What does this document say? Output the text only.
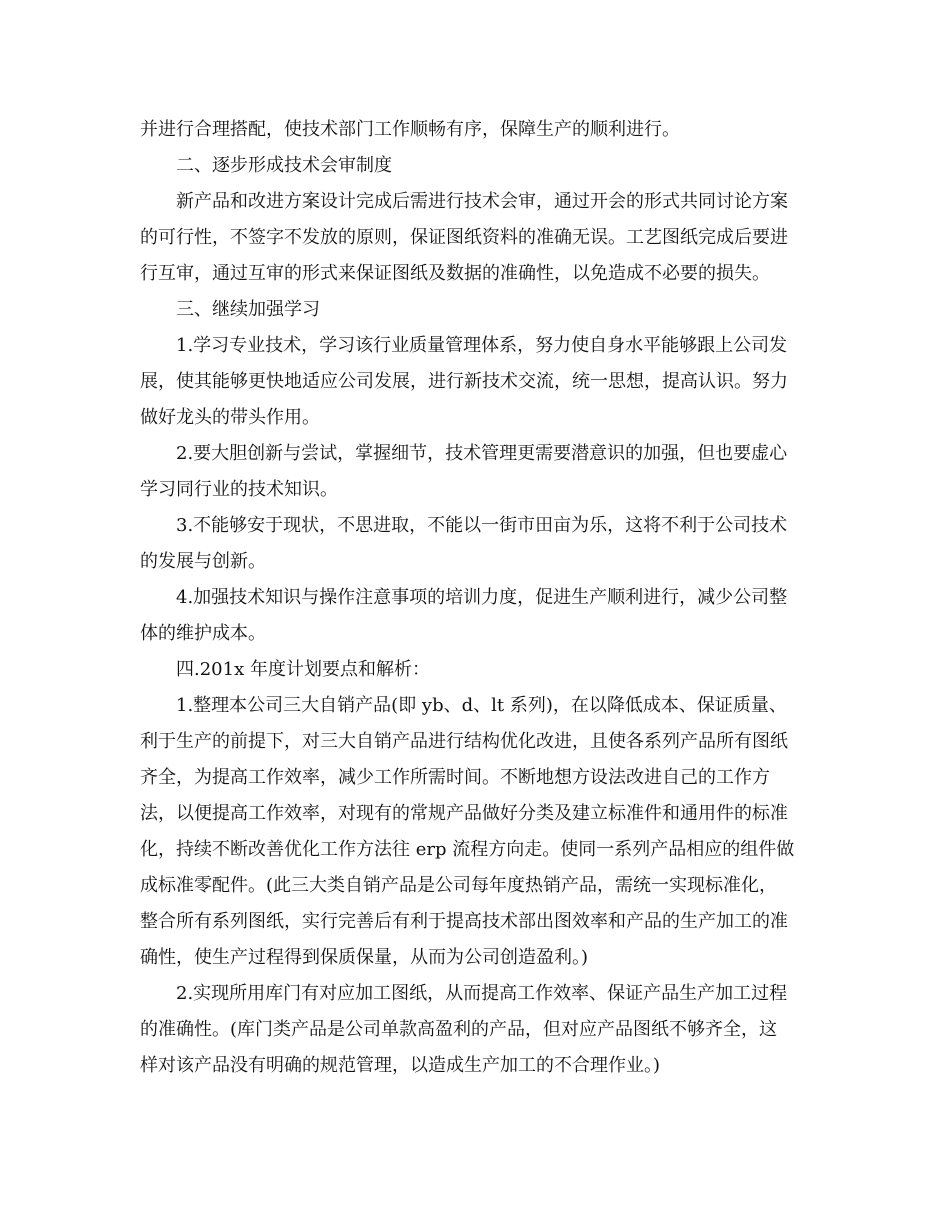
并进行合理搭配，使技术部门工作顺畅有序，保障生产的顺利进行。

二、逐步形成技术会审制度

新产品和改进方案设计完成后需进行技术会审，通过开会的形式共同讨论方案

的可行性，不签字不发放的原则，保证图纸资料的准确无误。工艺图纸完成后要进

行互审，通过互审的形式来保证图纸及数据的准确性，以免造成不必要的损失。

三、继续加强学习

1.学习专业技术，学习该行业质量管理体系，努力使自身水平能够跟上公司发

展，使其能够更快地适应公司发展，进行新技术交流，统一思想，提高认识。努力

做好龙头的带头作用。

2.要大胆创新与尝试，掌握细节，技术管理更需要潜意识的加强，但也要虚心

学习同行业的技术知识。

3.不能够安于现状，不思进取，不能以一街市田亩为乐，这将不利于公司技术

的发展与创新。

4.加强技术知识与操作注意事项的培训力度，促进生产顺利进行，减少公司整

体的维护成本。

四.201x 年度计划要点和解析：

1.整理本公司三大自销产品(即 yb、d、lt 系列)，在以降低成本、保证质量、

利于生产的前提下，对三大自销产品进行结构优化改进，且使各系列产品所有图纸

齐全，为提高工作效率，减少工作所需时间。不断地想方设法改进自己的工作方

法，以便提高工作效率，对现有的常规产品做好分类及建立标准件和通用件的标准

化，持续不断改善优化工作方法往 erp 流程方向走。使同一系列产品相应的组件做

成标准零配件。(此三大类自销产品是公司每年度热销产品，需统一实现标准化，

整合所有系列图纸，实行完善后有利于提高技术部出图效率和产品的生产加工的准

确性，使生产过程得到保质保量，从而为公司创造盈利。)

2.实现所用库门有对应加工图纸，从而提高工作效率、保证产品生产加工过程

的准确性。(库门类产品是公司单款高盈利的产品，但对应产品图纸不够齐全，这

样对该产品没有明确的规范管理，以造成生产加工的不合理作业。)
